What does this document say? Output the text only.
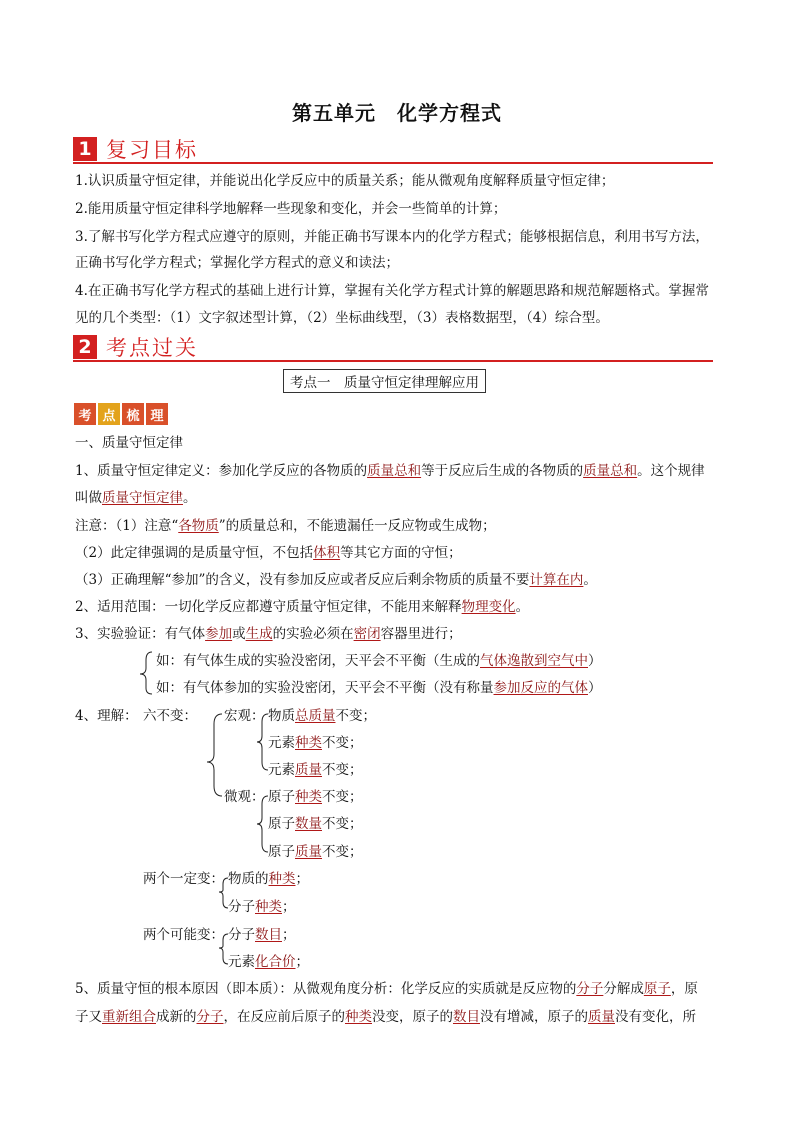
第五单元　化学方程式
1 复习目标
1.认识质量守恒定律，并能说出化学反应中的质量关系；能从微观角度解释质量守恒定律；
2.能用质量守恒定律科学地解释一些现象和变化，并会一些简单的计算；
3.了解书写化学方程式应遵守的原则，并能正确书写课本内的化学方程式；能够根据信息，利用书写方法，
正确书写化学方程式；掌握化学方程式的意义和读法；
4.在正确书写化学方程式的基础上进行计算，掌握有关化学方程式计算的解题思路和规范解题格式。掌握常
见的几个类型：（1）文字叙述型计算，（2）坐标曲线型，（3）表格数据型，（4）综合型。
2 考点过关
考点一　质量守恒定律理解应用
考 点 梳 理
一、质量守恒定律
1、质量守恒定律定义：参加化学反应的各物质的质量总和等于反应后生成的各物质的质量总和。这个规律
叫做质量守恒定律。
注意：（1）注意“各物质”的质量总和，不能遗漏任一反应物或生成物；
（2）此定律强调的是质量守恒，不包括体积等其它方面的守恒；
（3）正确理解“参加”的含义，没有参加反应或者反应后剩余物质的质量不要计算在内。
2、适用范围：一切化学反应都遵守质量守恒定律，不能用来解释物理变化。
3、实验验证：有气体参加或生成的实验必须在密闭容器里进行；
如：有气体生成的实验没密闭，天平会不平衡（生成的气体逸散到空气中）
如：有气体参加的实验没密闭，天平会不平衡（没有称量参加反应的气体）
4、理解： 六不变： 宏观： 物质总质量不变；
元素种类不变；
元素质量不变；
微观： 原子种类不变；
原子数量不变；
原子质量不变；
两个一定变： 物质的种类；
分子种类；
两个可能变： 分子数目；
元素化合价；
5、质量守恒的根本原因（即本质）：从微观角度分析：化学反应的实质就是反应物的分子分解成原子，原
子又重新组合成新的分子，在反应前后原子的种类没变，原子的数目没有增减，原子的质量没有变化，所
